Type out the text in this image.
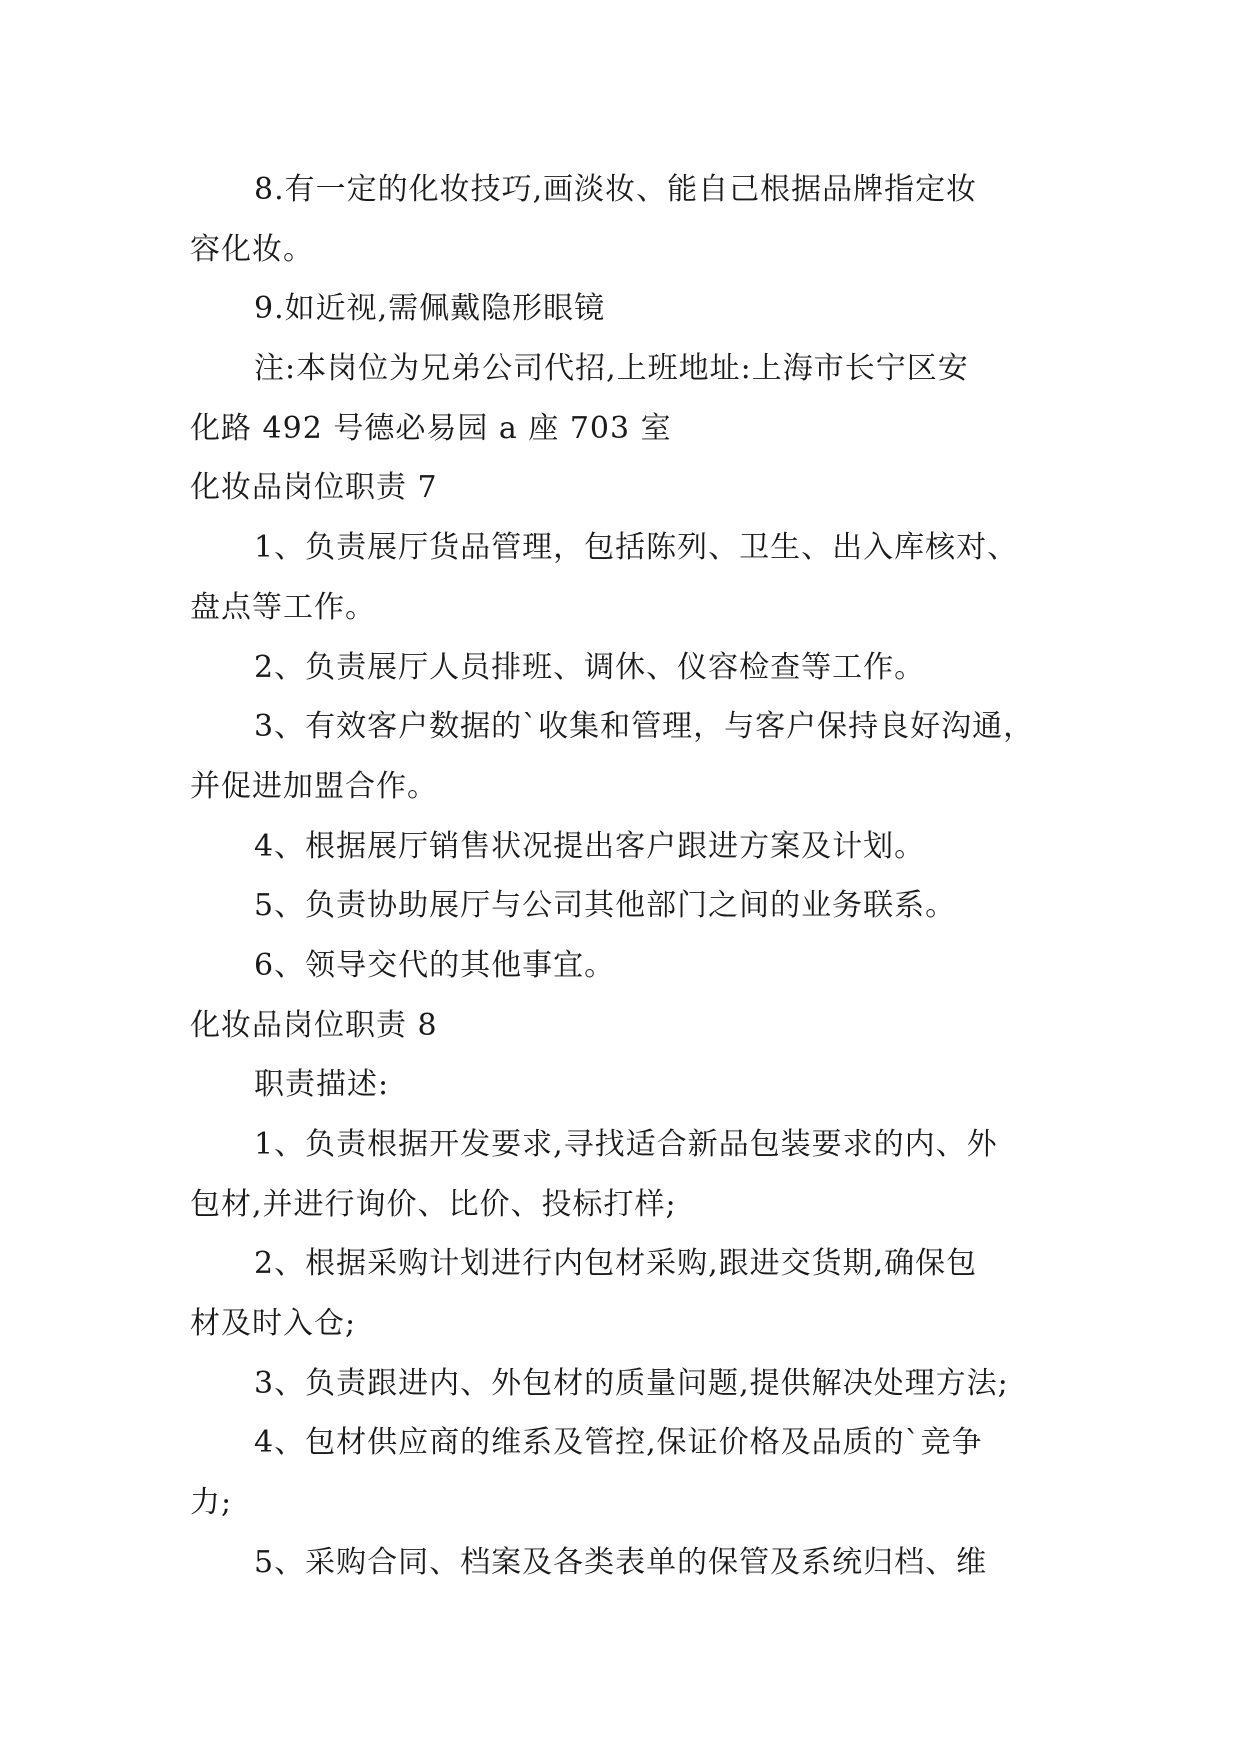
8.有一定的化妆技巧,画淡妆、能自己根据品牌指定妆
容化妆。
9.如近视,需佩戴隐形眼镜
注:本岗位为兄弟公司代招,上班地址:上海市长宁区安
化路 492 号德必易园 a 座 703 室
化妆品岗位职责 7
1、负责展厅货品管理，包括陈列、卫生、出入库核对、
盘点等工作。
2、负责展厅人员排班、调休、仪容检查等工作。
3、有效客户数据的`收集和管理，与客户保持良好沟通，
并促进加盟合作。
4、根据展厅销售状况提出客户跟进方案及计划。
5、负责协助展厅与公司其他部门之间的业务联系。
6、领导交代的其他事宜。
化妆品岗位职责 8
职责描述:
1、负责根据开发要求,寻找适合新品包装要求的内、外
包材,并进行询价、比价、投标打样;
2、根据采购计划进行内包材采购,跟进交货期,确保包
材及时入仓;
3、负责跟进内、外包材的质量问题,提供解决处理方法;
4、包材供应商的维系及管控,保证价格及品质的`竞争
力;
5、采购合同、档案及各类表单的保管及系统归档、维
